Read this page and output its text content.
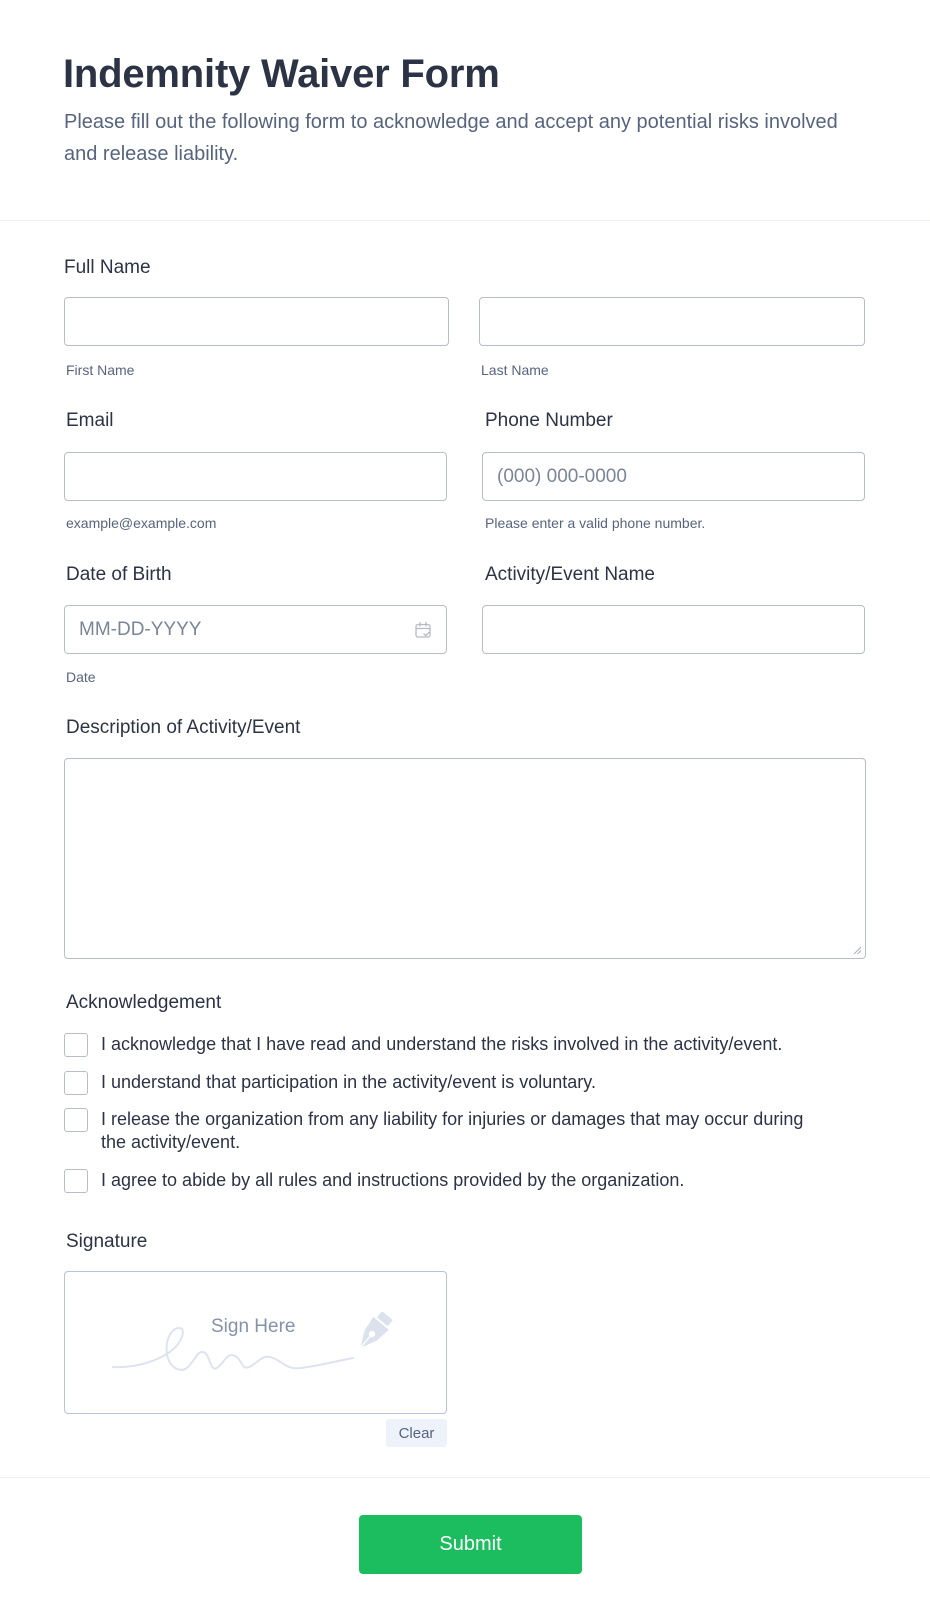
Indemnity Waiver Form

Please fill out the following form to acknowledge and accept any potential risks involved and release liability.

Full Name
First Name	Last Name
Email
example@example.com
Phone Number
(000) 000-0000
Please enter a valid phone number.
Date of Birth
MM-DD-YYYY
Date
Activity/Event Name
Description of Activity/Event
Acknowledgement
I acknowledge that I have read and understand the risks involved in the activity/event.
I understand that participation in the activity/event is voluntary.
I release the organization from any liability for injuries or damages that may occur during the activity/event.
I agree to abide by all rules and instructions provided by the organization.
Signature
Sign Here
Clear
Submit
